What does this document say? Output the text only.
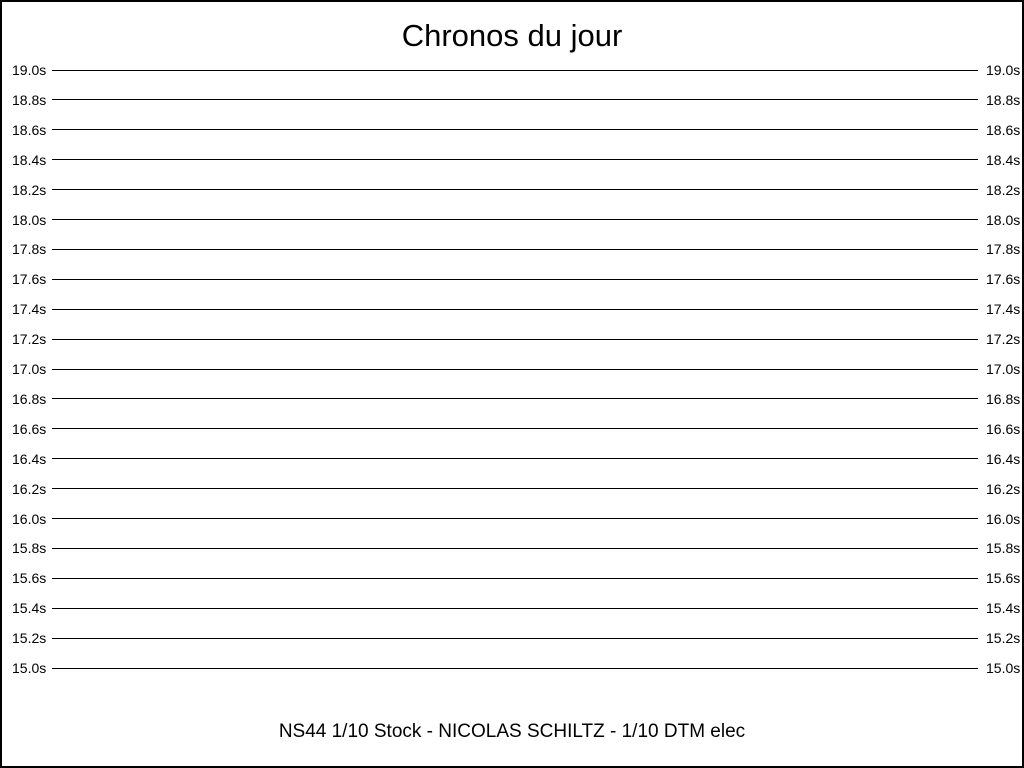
Chronos du jour
19.0s	19.0s
18.8s	18.8s
18.6s	18.6s
18.4s	18.4s
18.2s	18.2s
18.0s	18.0s
17.8s	17.8s
17.6s	17.6s
17.4s	17.4s
17.2s	17.2s
17.0s	17.0s
16.8s	16.8s
16.6s	16.6s
16.4s	16.4s
16.2s	16.2s
16.0s	16.0s
15.8s	15.8s
15.6s	15.6s
15.4s	15.4s
15.2s	15.2s
15.0s	15.0s
NS44 1/10 Stock - NICOLAS SCHILTZ - 1/10 DTM elec
